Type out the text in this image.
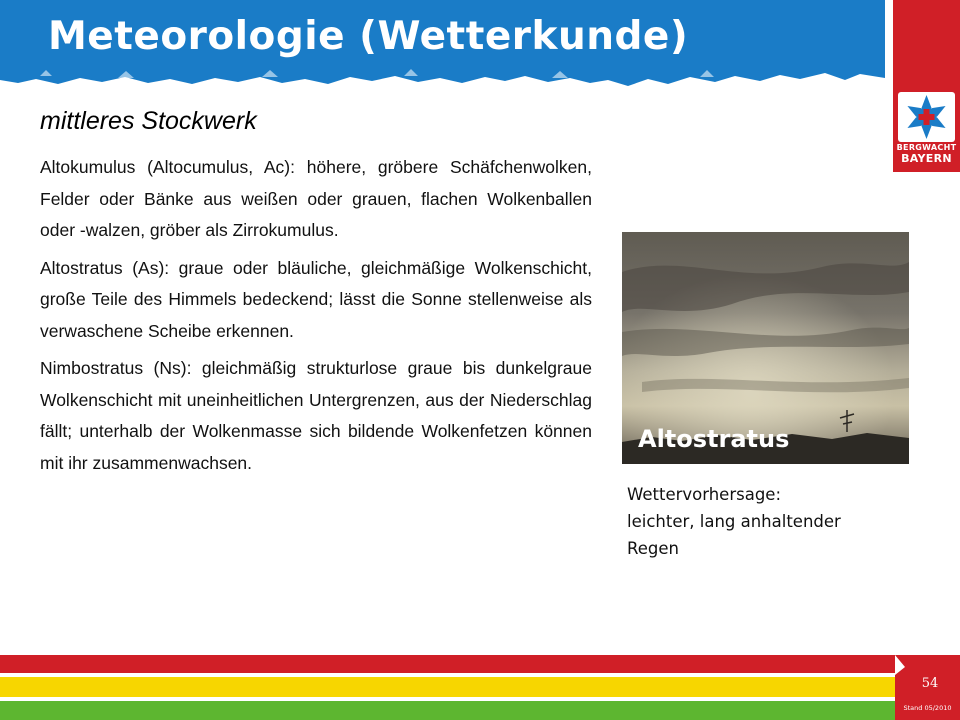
Meteorologie (Wetterkunde)
BERGWACHT
BAYERN
mittleres Stockwerk

Altokumulus (Altocumulus, Ac): höhere, gröbere Schäfchenwolken, Felder oder Bänke aus weißen oder grauen, flachen Wolkenballen oder -walzen, gröber als Zirrokumulus.

Altostratus (As): graue oder bläuliche, gleichmäßige Wolkenschicht, große Teile des Himmels bedeckend; lässt die Sonne stellenweise als verwaschene Scheibe erkennen.

Nimbostratus (Ns): gleichmäßig strukturlose graue bis dunkelgraue Wolkenschicht mit uneinheitlichen Untergrenzen, aus der Niederschlag fällt; unterhalb der Wolkenmasse sich bildende Wolkenfetzen können mit ihr zusammenwachsen.

Altostratus
Wettervorhersage:
leichter, lang anhaltender
Regen
54
Stand 05/2010
